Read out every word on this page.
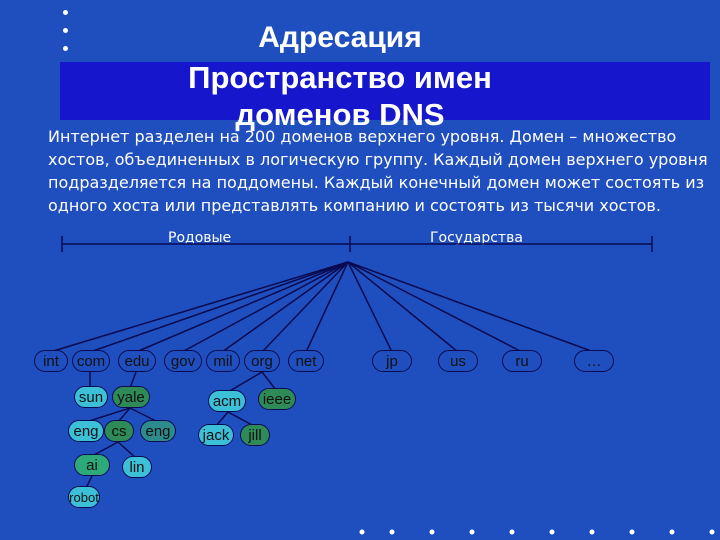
Адресация
Пространство имен
доменов DNS
Интернет разделен на 200 доменов верхнего уровня. Домен – множество хостов, объединенных в логическую группу. Каждый домен верхнего уровня подразделяется на поддомены. Каждый конечный домен может состоять из одного хоста или представлять компанию и состоять из тысячи хостов.
Родовые	Государства
int	com	edu	gov	mil	org	net	jp	us	ru	…
sun yale	acm	ieee
eng cs	eng	jack	jill
ai	lin
robot
